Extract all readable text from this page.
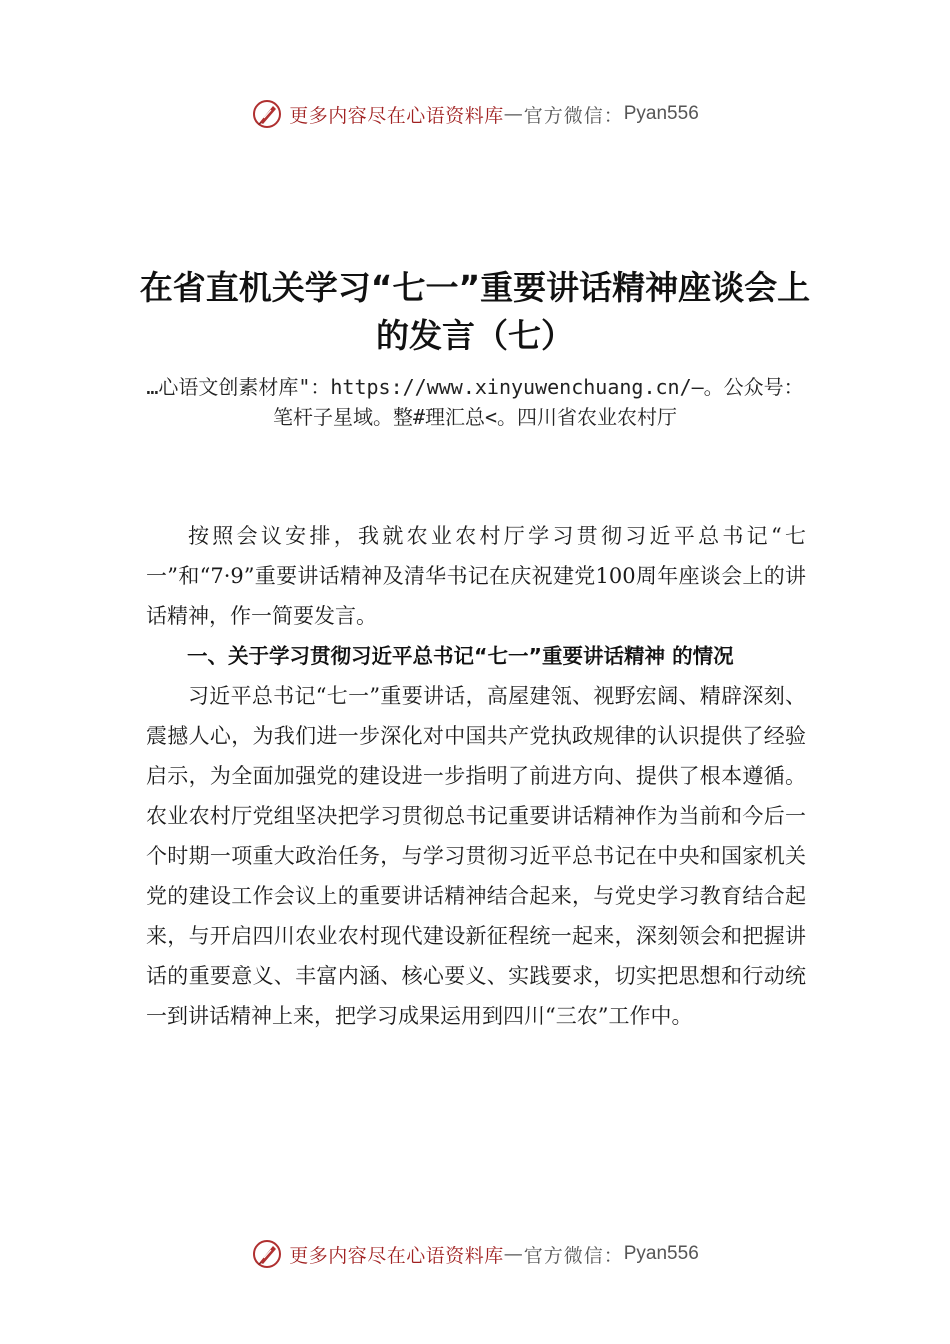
更多内容尽在心语资料库 — 官方微信： Pyan556
在省直机关学习“七一”重要讲话精神座谈会上的发言（七）

…心语文创素材库"：https://www.xinyuwenchuang.cn/—。公众号：笔杆子星域。整#理汇总<。四川省农业农村厅

按照会议安排，我就农业农村厅学习贯彻习近平总书记“七一”和“7·9”重要讲话精神及清华书记在庆祝建党100周年座谈会上的讲话精神，作一简要发言。

一、关于学习贯彻习近平总书记“七一”重要讲话精神 的情况

习近平总书记“七一”重要讲话，高屋建瓴、视野宏阔、精辟深刻、震撼人心，为我们进一步深化对中国共产党执政规律的认识提供了经验启示，为全面加强党的建设进一步指明了前进方向、提供了根本遵循。农业农村厅党组坚决把学习贯彻总书记重要讲话精神作为当前和今后一个时期一项重大政治任务，与学习贯彻习近平总书记在中央和国家机关党的建设工作会议上的重要讲话精神结合起来，与党史学习教育结合起来，与开启四川农业农村现代建设新征程统一起来，深刻领会和把握讲话的重要意义、丰富内涵、核心要义、实践要求，切实把思想和行动统一到讲话精神上来，把学习成果运用到四川“三农”工作中。

更多内容尽在心语资料库 — 官方微信： Pyan556
